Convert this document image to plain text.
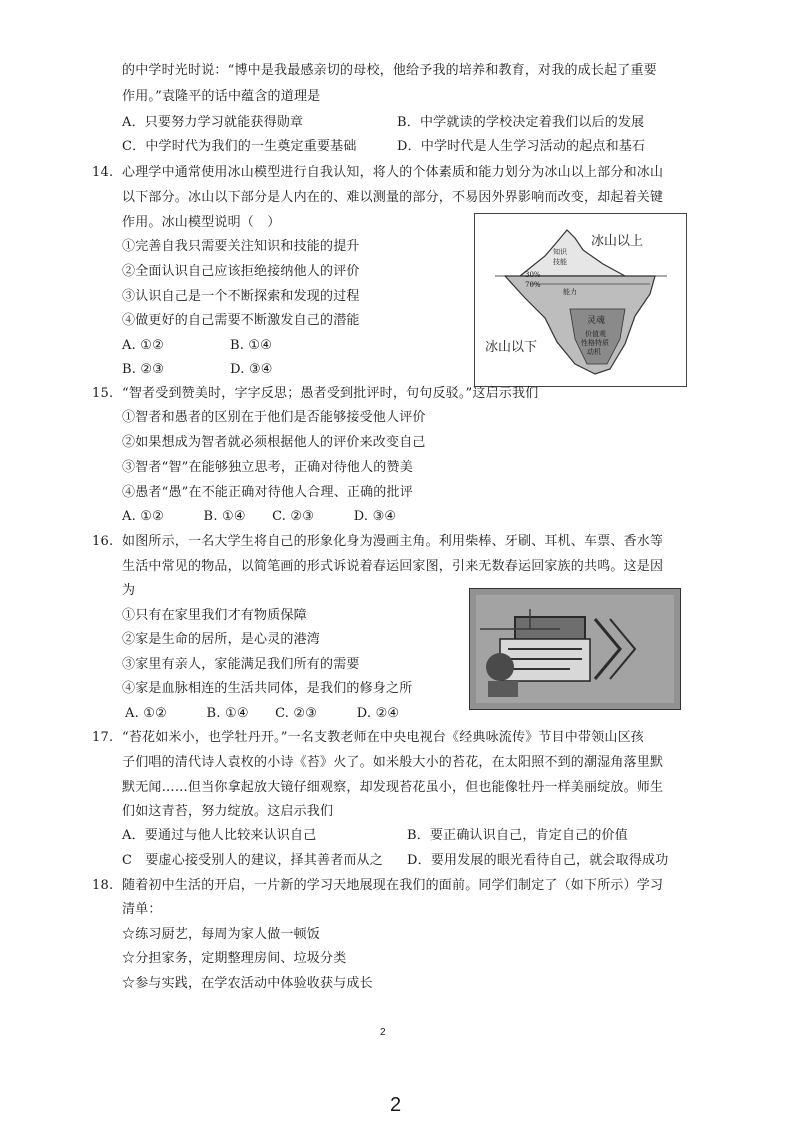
的中学时光时说：“博中是我最感亲切的母校，他给予我的培养和教育，对我的成长起了重要
作用。”袁隆平的话中蕴含的道理是
A．只要努力学习就能获得勋章	B．中学就读的学校决定着我们以后的发展
C．中学时代为我们的一生奠定重要基础	D．中学时代是人生学习活动的起点和基石
14. 心理学中通常使用冰山模型进行自我认知，将人的个体素质和能力划分为冰山以上部分和冰山
以下部分。冰山以下部分是人内在的、难以测量的部分，不易因外界影响而改变，却起着关键
作用。冰山模型说明（　）
①完善自我只需要关注知识和技能的提升
②全面认识自己应该拒绝接纳他人的评价
③认识自己是一个不断探索和发现的过程
④做更好的自己需要不断激发自己的潜能
A. ①②　　　　　B. ①④
B. ②③　　　　　D. ③④
冰山以上
冰山以下
知识
技能
30%
70%
能力
灵魂
价值观
性格特质
动机
15. “智者受到赞美时，字字反思；愚者受到批评时，句句反驳。”这启示我们
①智者和愚者的区别在于他们是否能够接受他人评价
②如果想成为智者就必须根据他人的评价来改变自己
③智者“智”在能够独立思考，正确对待他人的赞美
④愚者“愚”在不能正确对待他人合理、正确的批评
A. ①②　　　B. ①④　　C. ②③　　　D. ③④
16. 如图所示，一名大学生将自己的形象化身为漫画主角。利用柴棒、牙刷、耳机、车票、香水等
生活中常见的物品，以简笔画的形式诉说着春运回家图，引来无数春运回家族的共鸣。这是因
为
①只有在家里我们才有物质保障
②家是生命的居所，是心灵的港湾
③家里有亲人，家能满足我们所有的需要
④家是血脉相连的生活共同体，是我们的修身之所
A. ①②　　　B. ①④　　C. ②③　　　D. ②④
17. “苔花如米小，也学牡丹开。”一名支教老师在中央电视台《经典咏流传》节目中带领山区孩
子们唱的清代诗人袁枚的小诗《苔》火了。如米般大小的苔花，在太阳照不到的潮湿角落里默
默无闻……但当你拿起放大镜仔细观察，却发现苔花虽小，但也能像牡丹一样美丽绽放。师生
们如这青苔，努力绽放。这启示我们
A．要通过与他人比较来认识自己	B．要正确认识自己，肯定自己的价值
C　要虚心接受别人的建议，择其善者而从之 D．要用发展的眼光看待自己，就会取得成功
18. 随着初中生活的开启，一片新的学习天地展现在我们的面前。同学们制定了（如下所示）学习
清单：
☆练习厨艺，每周为家人做一顿饭
☆分担家务，定期整理房间、垃圾分类
☆参与实践，在学农活动中体验收获与成长
2
2
